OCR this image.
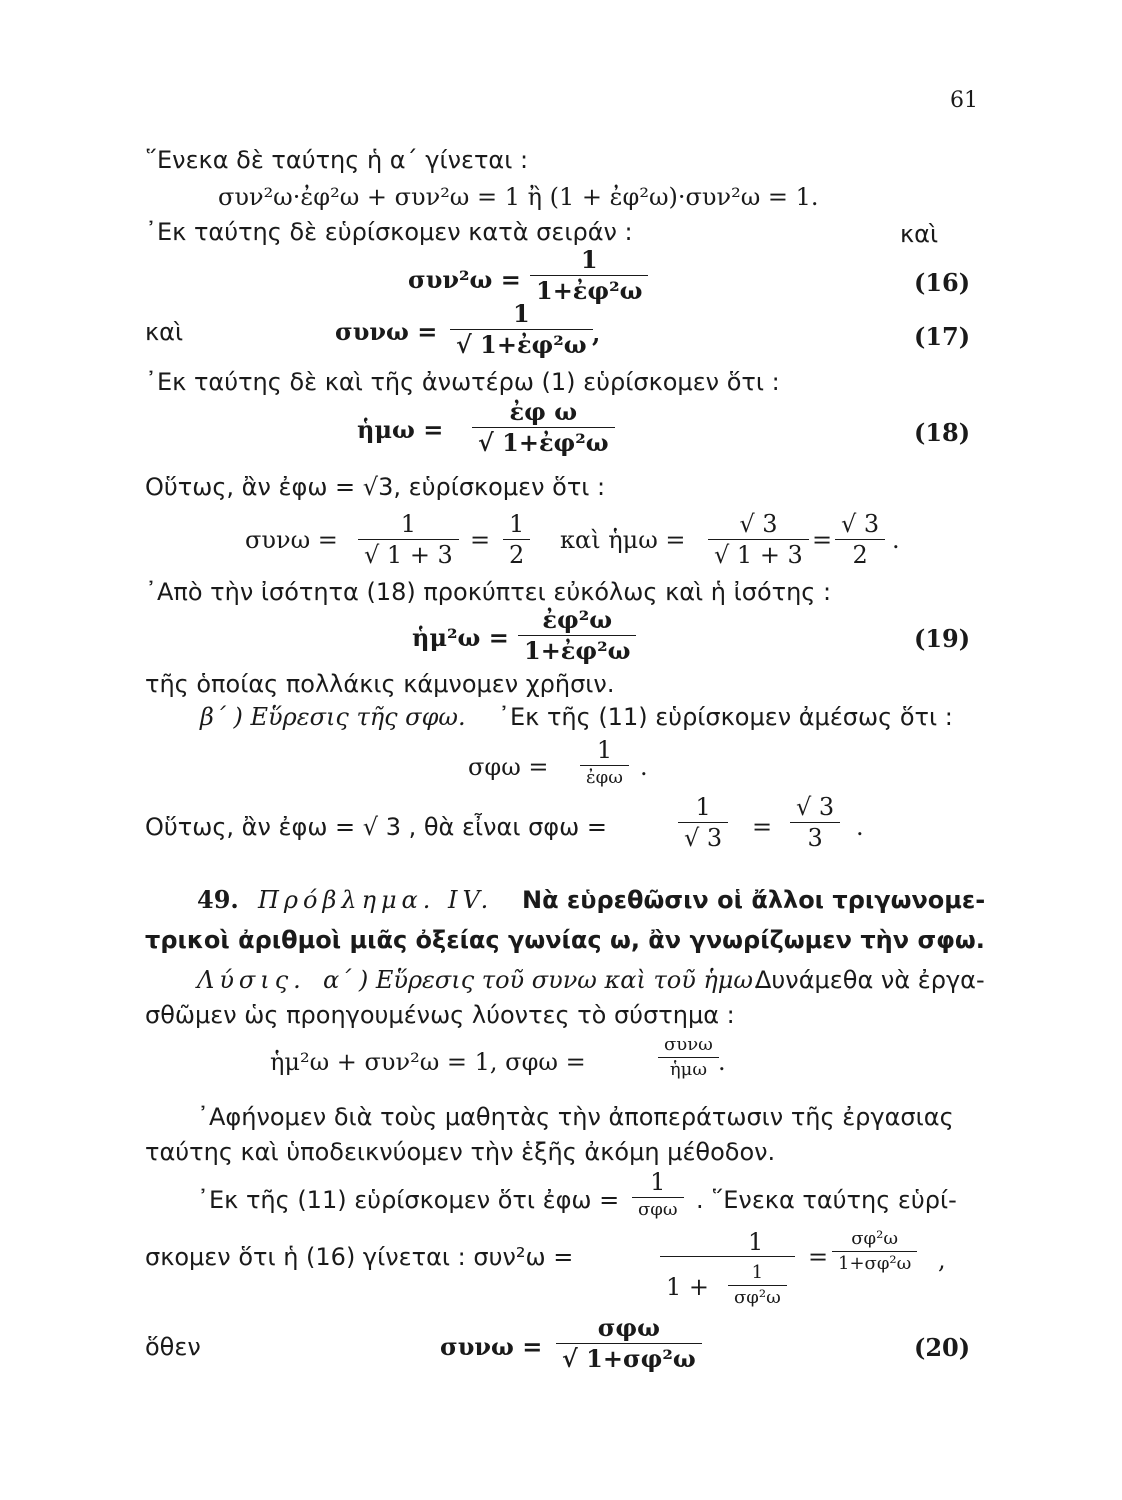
61
῞Ενεκα δὲ ταύτης ἡ α΄ γίνεται :
συν²ω·ἐφ²ω + συν²ω = 1 ἢ (1 + ἐφ²ω)·συν²ω = 1.
᾿Εκ ταύτης δὲ εὑρίσκομεν κατὰ σειράν :	καὶ
συν²ω =
1
1+ἐφ²ω	(16)
καὶ	συνω =
1
√ 1+ἐφ²ω ,	(17)
᾿Εκ ταύτης δὲ καὶ τῆς ἀνωτέρω (1) εὑρίσκομεν ὅτι :
ἡμω =
ἐφ ω
√ 1+ἐφ²ω	(18)
Οὕτως, ἂν ἐφω = √3, εὑρίσκομεν ὅτι :
συνω =
1
√ 1 + 3
=
1
2
καὶ ἡμω =
√ 3
√ 1 + 3
=
√ 3
2
.
᾿Απὸ τὴν ἰσότητα (18) προκύπτει εὐκόλως καὶ ἡ ἰσότης :
ἡμ²ω =
ἐφ²ω
1+ἐφ²ω	(19)
τῆς ὁποίας πολλάκις κάμνομεν χρῆσιν.
β΄ ) Εὕρεσις τῆς σφω. ᾿Εκ τῆς (11) εὑρίσκομεν ἀμέσως ὅτι :
σφω =
1
ἐφω .
Οὕτως, ἂν ἐφω = √ 3 , θὰ εἶναι σφω =
1
√ 3 =
√ 3
3 .
49. Πρόβλημα. IV. Νὰ εὑρεθῶσιν οἱ ἄλλοι τριγωνομε-
τρικοὶ ἀριθμοὶ μιᾶς ὀξείας γωνίας ω, ἂν γνωρίζωμεν τὴν σφω.
Λύσις. α΄ ) Εὕρεσις τοῦ συνω καὶ τοῦ ἡμω.
Δυνάμεθα νὰ ἐργα-
σθῶμεν ὡς προηγουμένως λύοντες τὸ σύστημα :
ἡμ²ω + συν²ω = 1, σφω =
συνω
ἡμω .
᾿Αφήνομεν διὰ τοὺς μαθητὰς τὴν ἀποπεράτωσιν τῆς ἐργασιας
ταύτης καὶ ὑποδεικνύομεν τὴν ἑξῆς ἀκόμη μέθοδον.
᾿Εκ τῆς (11) εὑρίσκομεν ὅτι ἐφω =
1
σφω . ῞Ενεκα ταύτης εὑρί-
σκομεν ὅτι ἡ (16) γίνεται : συν²ω =
1
1 +
1
σφ²ω
=
σφ²ω
1+σφ²ω ,
ὅθεν	συνω =
σφω
√ 1+σφ²ω	(20)
